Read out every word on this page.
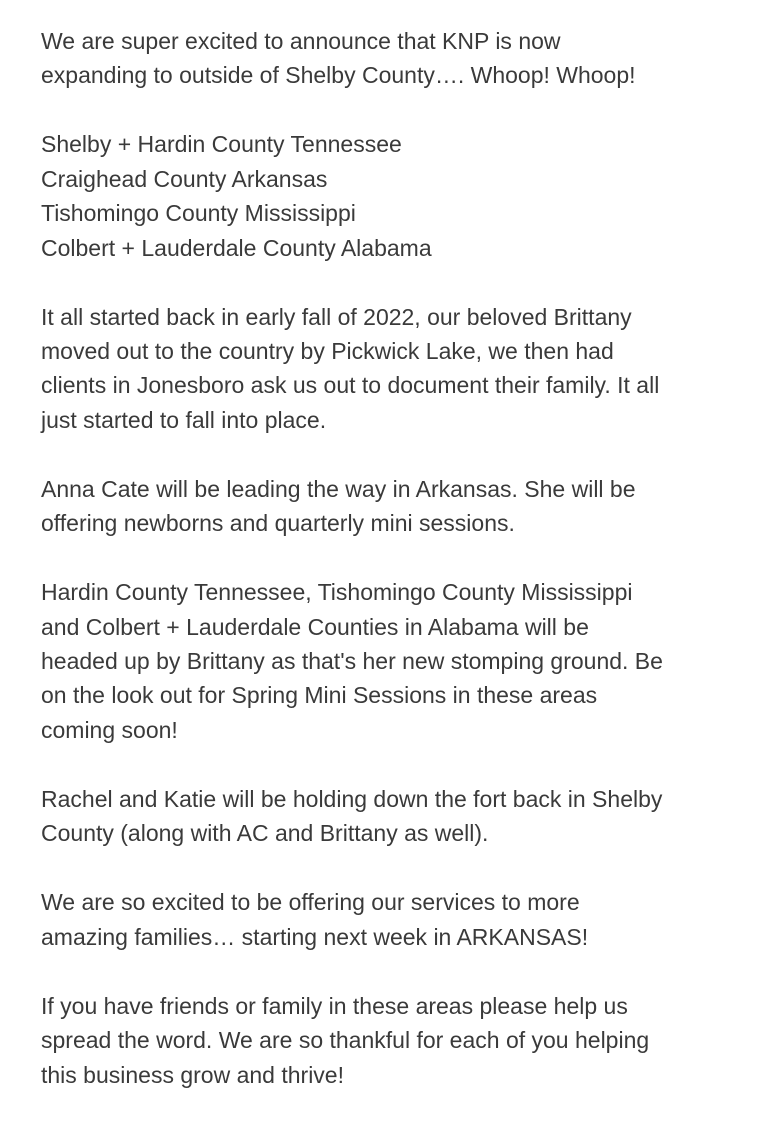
We are super excited to announce that KNP is now
expanding to outside of Shelby County…. Whoop! Whoop!

Shelby + Hardin County Tennessee
Craighead County Arkansas
Tishomingo County Mississippi
Colbert + Lauderdale County Alabama

It all started back in early fall of 2022, our beloved Brittany
moved out to the country by Pickwick Lake, we then had
clients in Jonesboro ask us out to document their family. It all
just started to fall into place.

Anna Cate will be leading the way in Arkansas. She will be
offering newborns and quarterly mini sessions.

Hardin County Tennessee, Tishomingo County Mississippi
and Colbert + Lauderdale Counties in Alabama will be
headed up by Brittany as that's her new stomping ground. Be
on the look out for Spring Mini Sessions in these areas
coming soon!

Rachel and Katie will be holding down the fort back in Shelby
County (along with AC and Brittany as well).

We are so excited to be offering our services to more
amazing families… starting next week in ARKANSAS!

If you have friends or family in these areas please help us
spread the word. We are so thankful for each of you helping
this business grow and thrive!
